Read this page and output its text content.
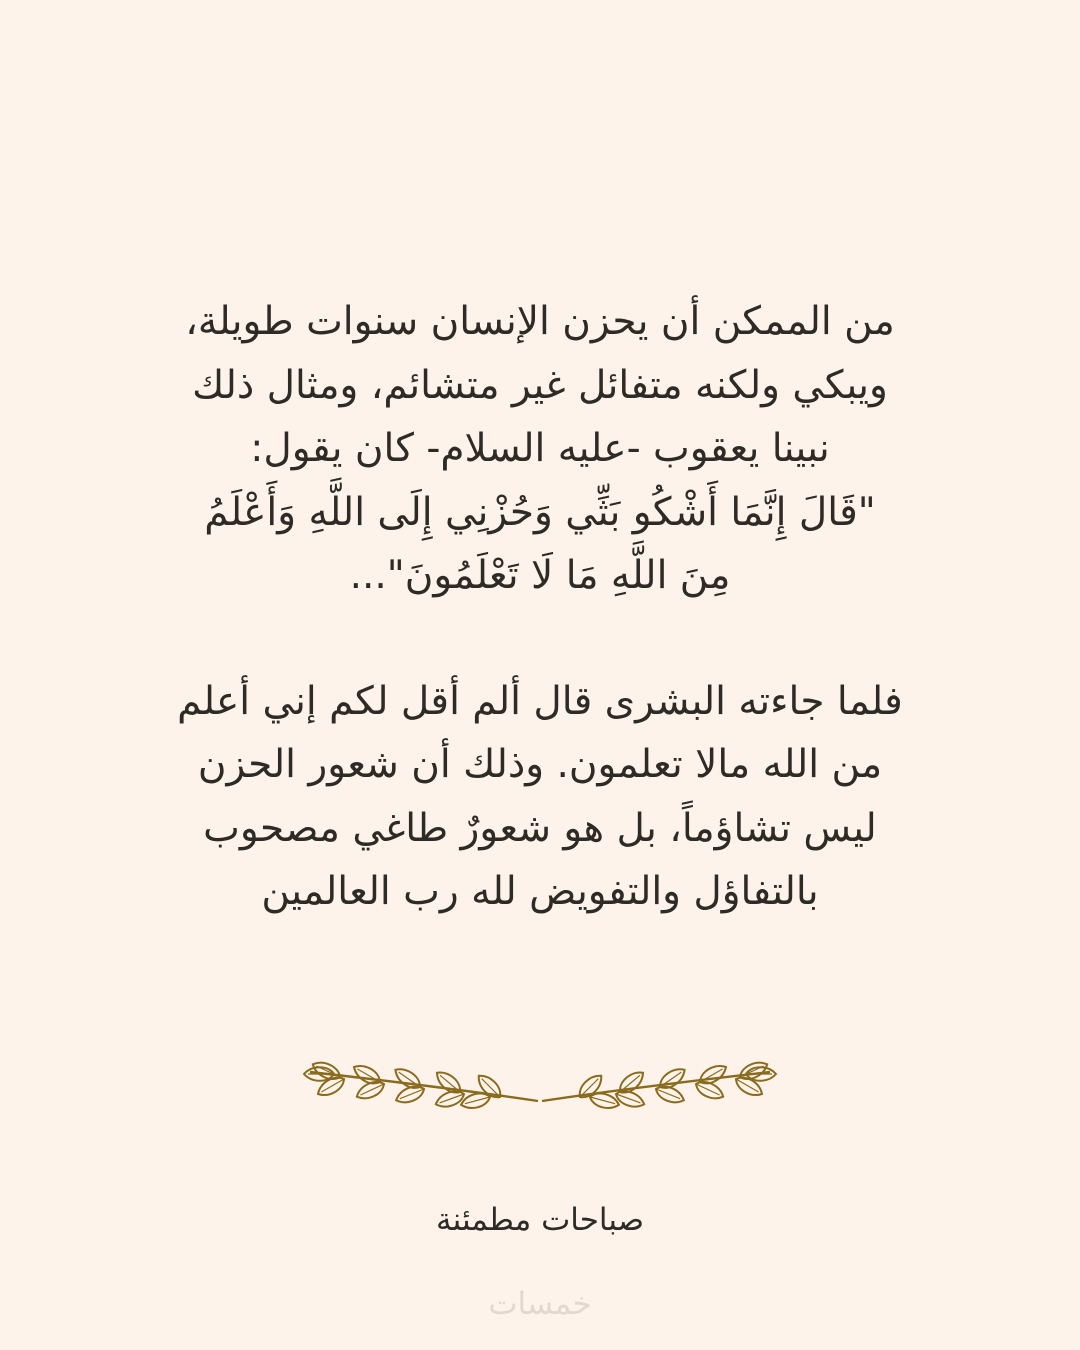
من الممكن أن يحزن الإنسان سنوات طويلة،
ويبكي ولكنه متفائل غير متشائم، ومثال ذلك
نبينا يعقوب -عليه السلام- كان يقول:
"قَالَ إِنَّمَا أَشْكُو بَثِّي وَحُزْنِي إِلَى اللَّهِ وَأَعْلَمُ
مِنَ اللَّهِ مَا لَا تَعْلَمُونَ"...

فلما جاءته البشرى قال ألم أقل لكم إني أعلم
من الله مالا تعلمون. وذلك أن شعور الحزن
ليس تشاؤماً، بل هو شعورٌ طاغي مصحوب
بالتفاؤل والتفويض لله رب العالمين

صباحات مطمئنة
خمسات
